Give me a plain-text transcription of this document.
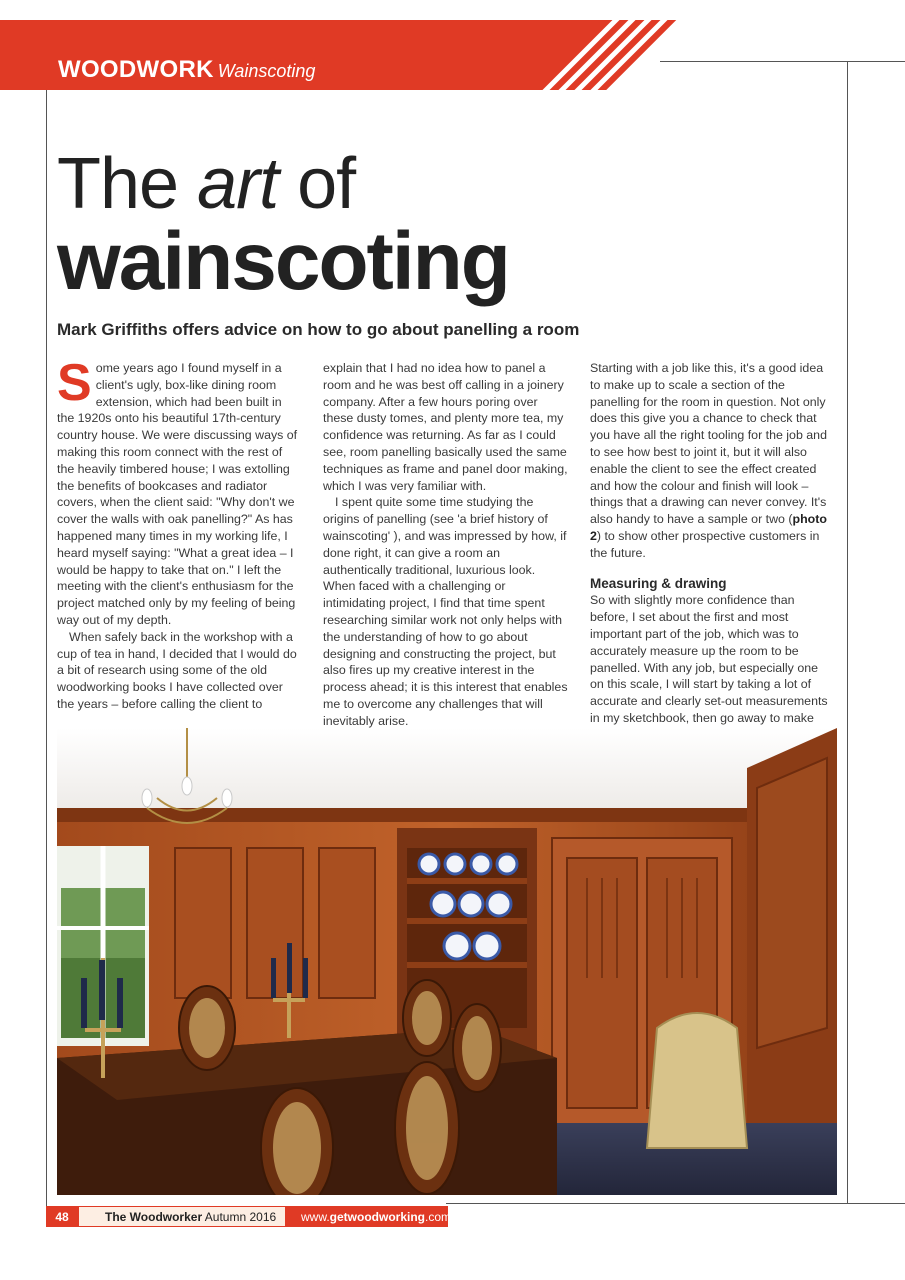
WOODWORK Wainscoting
The art of
wainscoting
Mark Griffiths offers advice on how to go about panelling a room

Some years ago I found myself in a client's ugly, box-like dining room extension, which had been built in the 1920s onto his beautiful 17th-century country house. We were discussing ways of making this room connect with the rest of the heavily timbered house; I was extolling the benefits of bookcases and radiator covers, when the client said: "Why don't we cover the walls with oak panelling?" As has happened many times in my working life, I heard myself saying: "What a great idea – I would be happy to take that on." I left the meeting with the client's enthusiasm for the project matched only by my feeling of being way out of my depth.

When safely back in the workshop with a cup of tea in hand, I decided that I would do a bit of research using some of the old woodworking books I have collected over the years – before calling the client to

explain that I had no idea how to panel a room and he was best off calling in a joinery company. After a few hours poring over these dusty tomes, and plenty more tea, my confidence was returning. As far as I could see, room panelling basically used the same techniques as frame and panel door making, which I was very familiar with.

I spent quite some time studying the origins of panelling (see 'a brief history of wainscoting' ), and was impressed by how, if done right, it can give a room an authentically traditional, luxurious look. When faced with a challenging or intimidating project, I find that time spent researching similar work not only helps with the understanding of how to go about designing and constructing the project, but also fires up my creative interest in the process ahead; it is this interest that enables me to overcome any challenges that will inevitably arise.

Starting with a job like this, it's a good idea to make up to scale a section of the panelling for the room in question. Not only does this give you a chance to check that you have all the right tooling for the job and to see how best to joint it, but it will also enable the client to see the effect created and how the colour and finish will look – things that a drawing can never convey. It's also handy to have a sample or two (photo 2) to show other prospective customers in the future.

Measuring & drawing

So with slightly more confidence than before, I set about the first and most important part of the job, which was to accurately measure up the room to be panelled. With any job, but especially one on this scale, I will start by taking a lot of accurate and clearly set-out measurements in my sketchbook, then go away to make

48	The Woodworker Autumn 2016 www. getwoodworking .com
